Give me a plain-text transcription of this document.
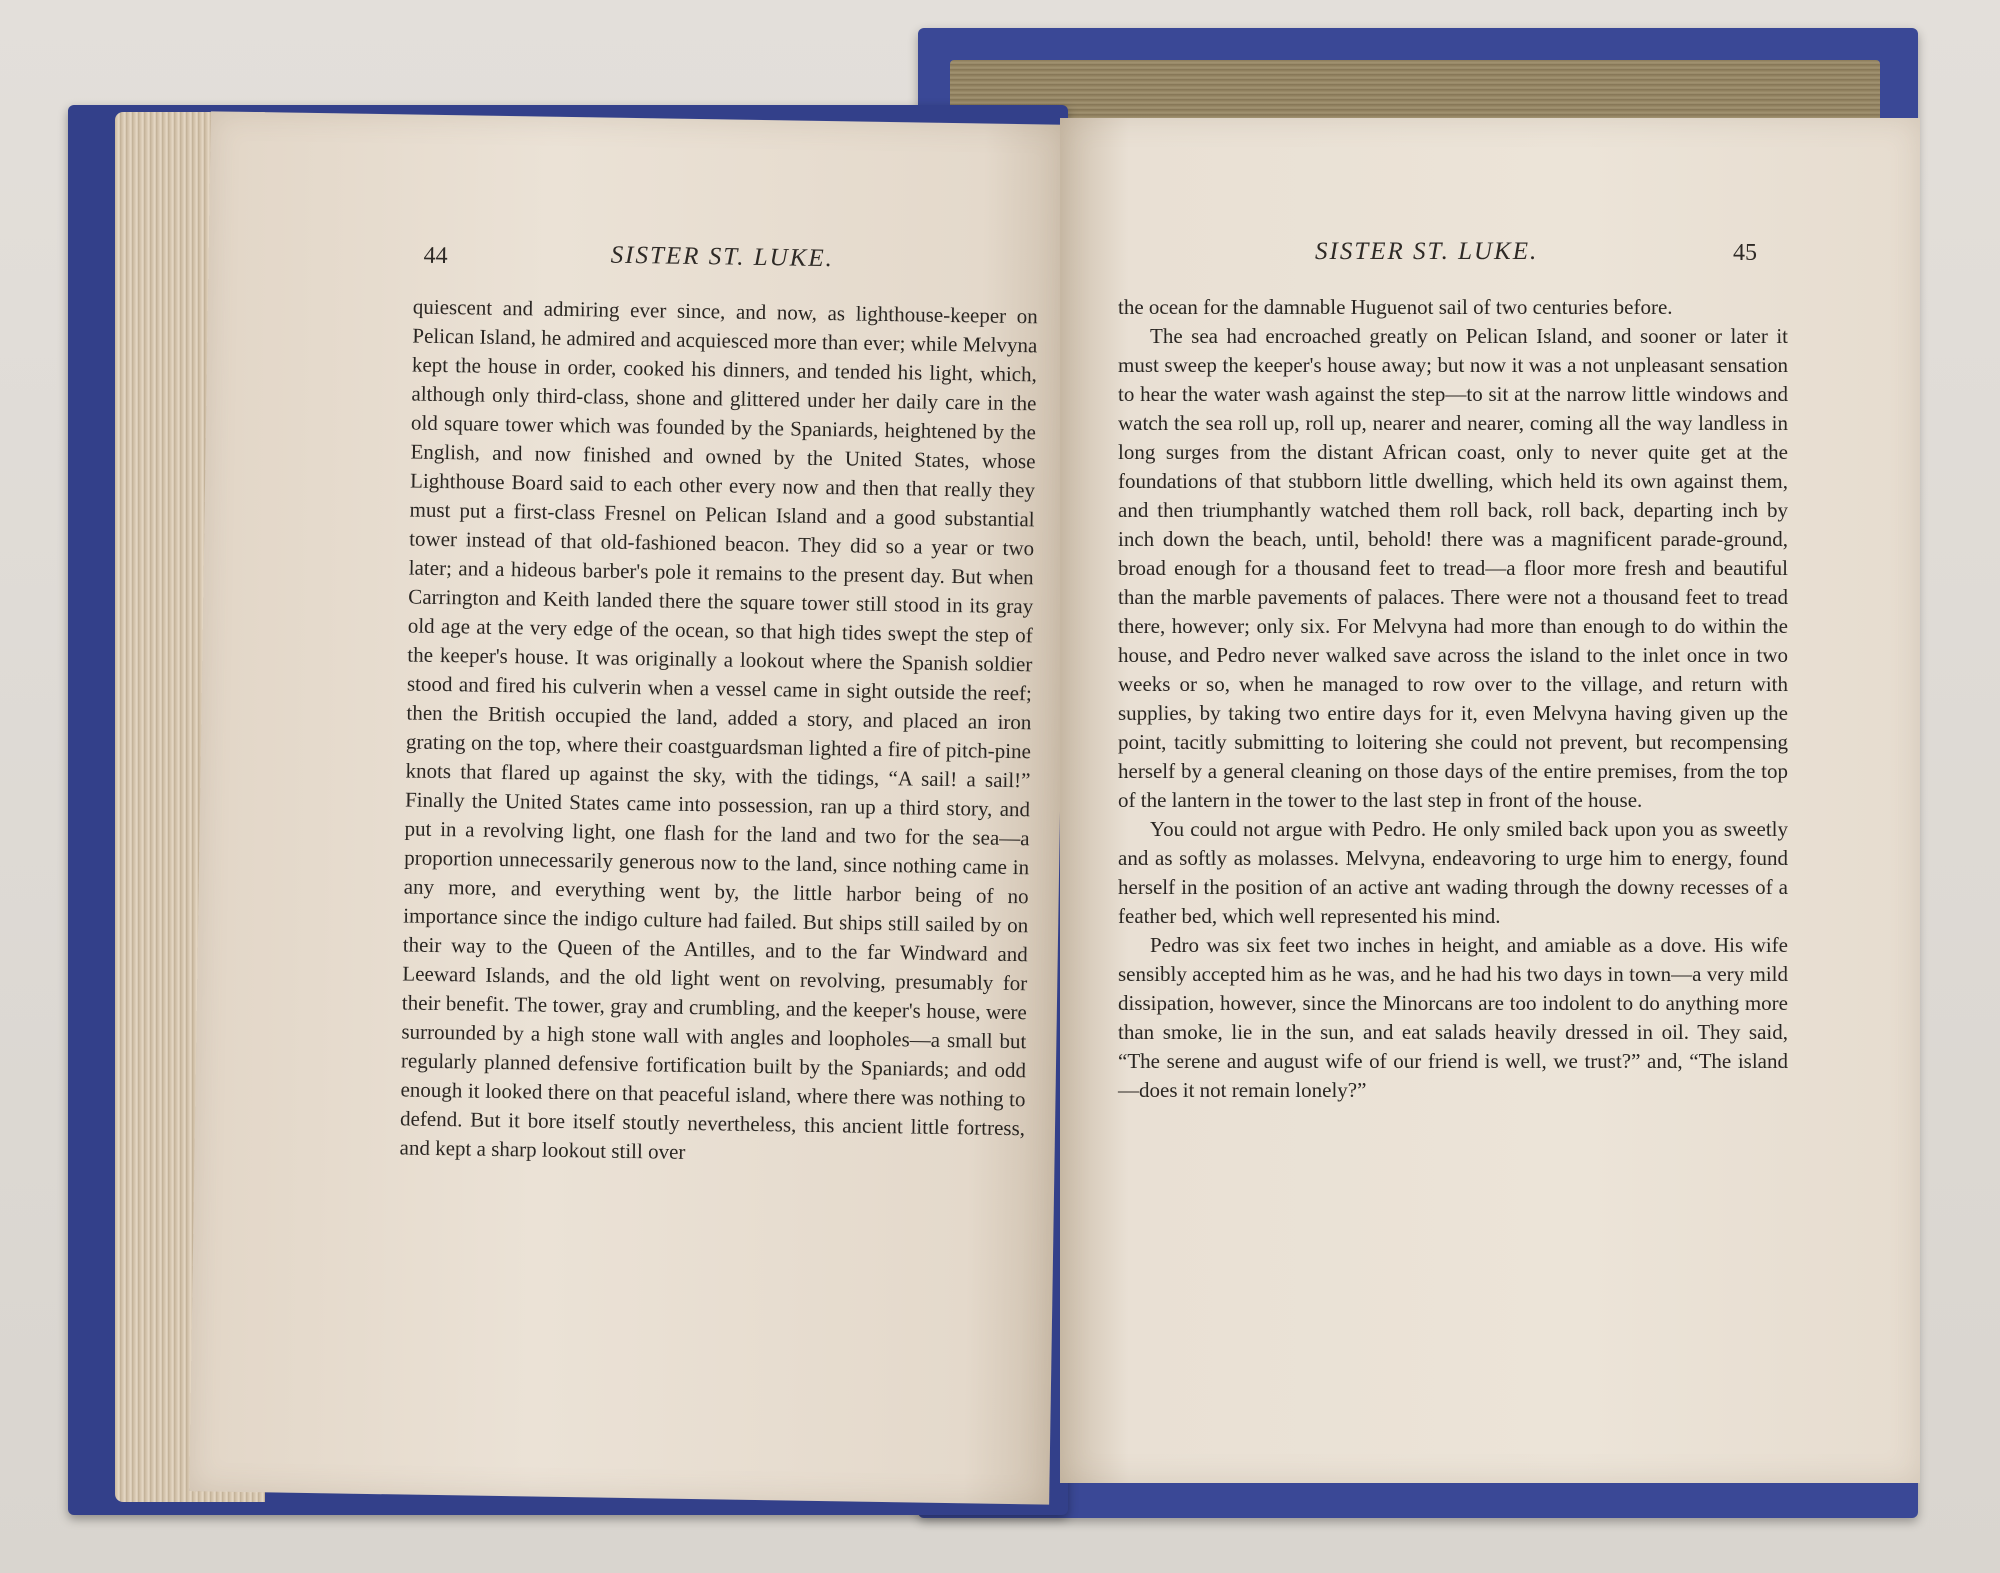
44	SISTER ST. LUKE.

quiescent and admiring ever since, and now, as lighthouse-keeper on Pelican Island, he admired and acquiesced more than ever; while Melvyna kept the house in order, cooked his dinners, and tended his light, which, although only third-class, shone and glittered under her daily care in the old square tower which was founded by the Spaniards, heightened by the English, and now finished and owned by the United States, whose Lighthouse Board said to each other every now and then that really they must put a first-class Fresnel on Pelican Island and a good substantial tower instead of that old-fashioned beacon. They did so a year or two later; and a hideous barber's pole it remains to the present day. But when Carrington and Keith landed there the square tower still stood in its gray old age at the very edge of the ocean, so that high tides swept the step of the keeper's house. It was originally a lookout where the Spanish soldier stood and fired his culverin when a vessel came in sight outside the reef; then the British occupied the land, added a story, and placed an iron grating on the top, where their coastguardsman lighted a fire of pitch-pine knots that flared up against the sky, with the tidings, “A sail! a sail!” Finally the United States came into possession, ran up a third story, and put in a revolving light, one flash for the land and two for the sea—a proportion unnecessarily generous now to the land, since nothing came in any more, and everything went by, the little harbor being of no importance since the indigo culture had failed. But ships still sailed by on their way to the Queen of the Antilles, and to the far Windward and Leeward Islands, and the old light went on revolving, presumably for their benefit. The tower, gray and crumbling, and the keeper's house, were surrounded by a high stone wall with angles and loopholes—a small but regularly planned defensive fortification built by the Spaniards; and odd enough it looked there on that peaceful island, where there was nothing to defend. But it bore itself stoutly nevertheless, this ancient little fortress, and kept a sharp lookout still over

SISTER ST. LUKE.	45

the ocean for the damnable Huguenot sail of two centuries before.

The sea had encroached greatly on Pelican Island, and sooner or later it must sweep the keeper's house away; but now it was a not unpleasant sensation to hear the water wash against the step—to sit at the narrow little windows and watch the sea roll up, roll up, nearer and nearer, coming all the way landless in long surges from the distant African coast, only to never quite get at the foundations of that stubborn little dwelling, which held its own against them, and then triumphantly watched them roll back, roll back, departing inch by inch down the beach, until, behold! there was a magnificent parade-ground, broad enough for a thousand feet to tread—a floor more fresh and beautiful than the marble pavements of palaces. There were not a thousand feet to tread there, however; only six. For Melvyna had more than enough to do within the house, and Pedro never walked save across the island to the inlet once in two weeks or so, when he managed to row over to the village, and return with supplies, by taking two entire days for it, even Melvyna having given up the point, tacitly submitting to loitering she could not prevent, but recompensing herself by a general cleaning on those days of the entire premises, from the top of the lantern in the tower to the last step in front of the house.

You could not argue with Pedro. He only smiled back upon you as sweetly and as softly as molasses. Melvyna, endeavoring to urge him to energy, found herself in the position of an active ant wading through the downy recesses of a feather bed, which well represented his mind.

Pedro was six feet two inches in height, and amiable as a dove. His wife sensibly accepted him as he was, and he had his two days in town—a very mild dissipation, however, since the Minorcans are too indolent to do anything more than smoke, lie in the sun, and eat salads heavily dressed in oil. They said, “The serene and august wife of our friend is well, we trust?” and, “The island—does it not remain lonely?”
